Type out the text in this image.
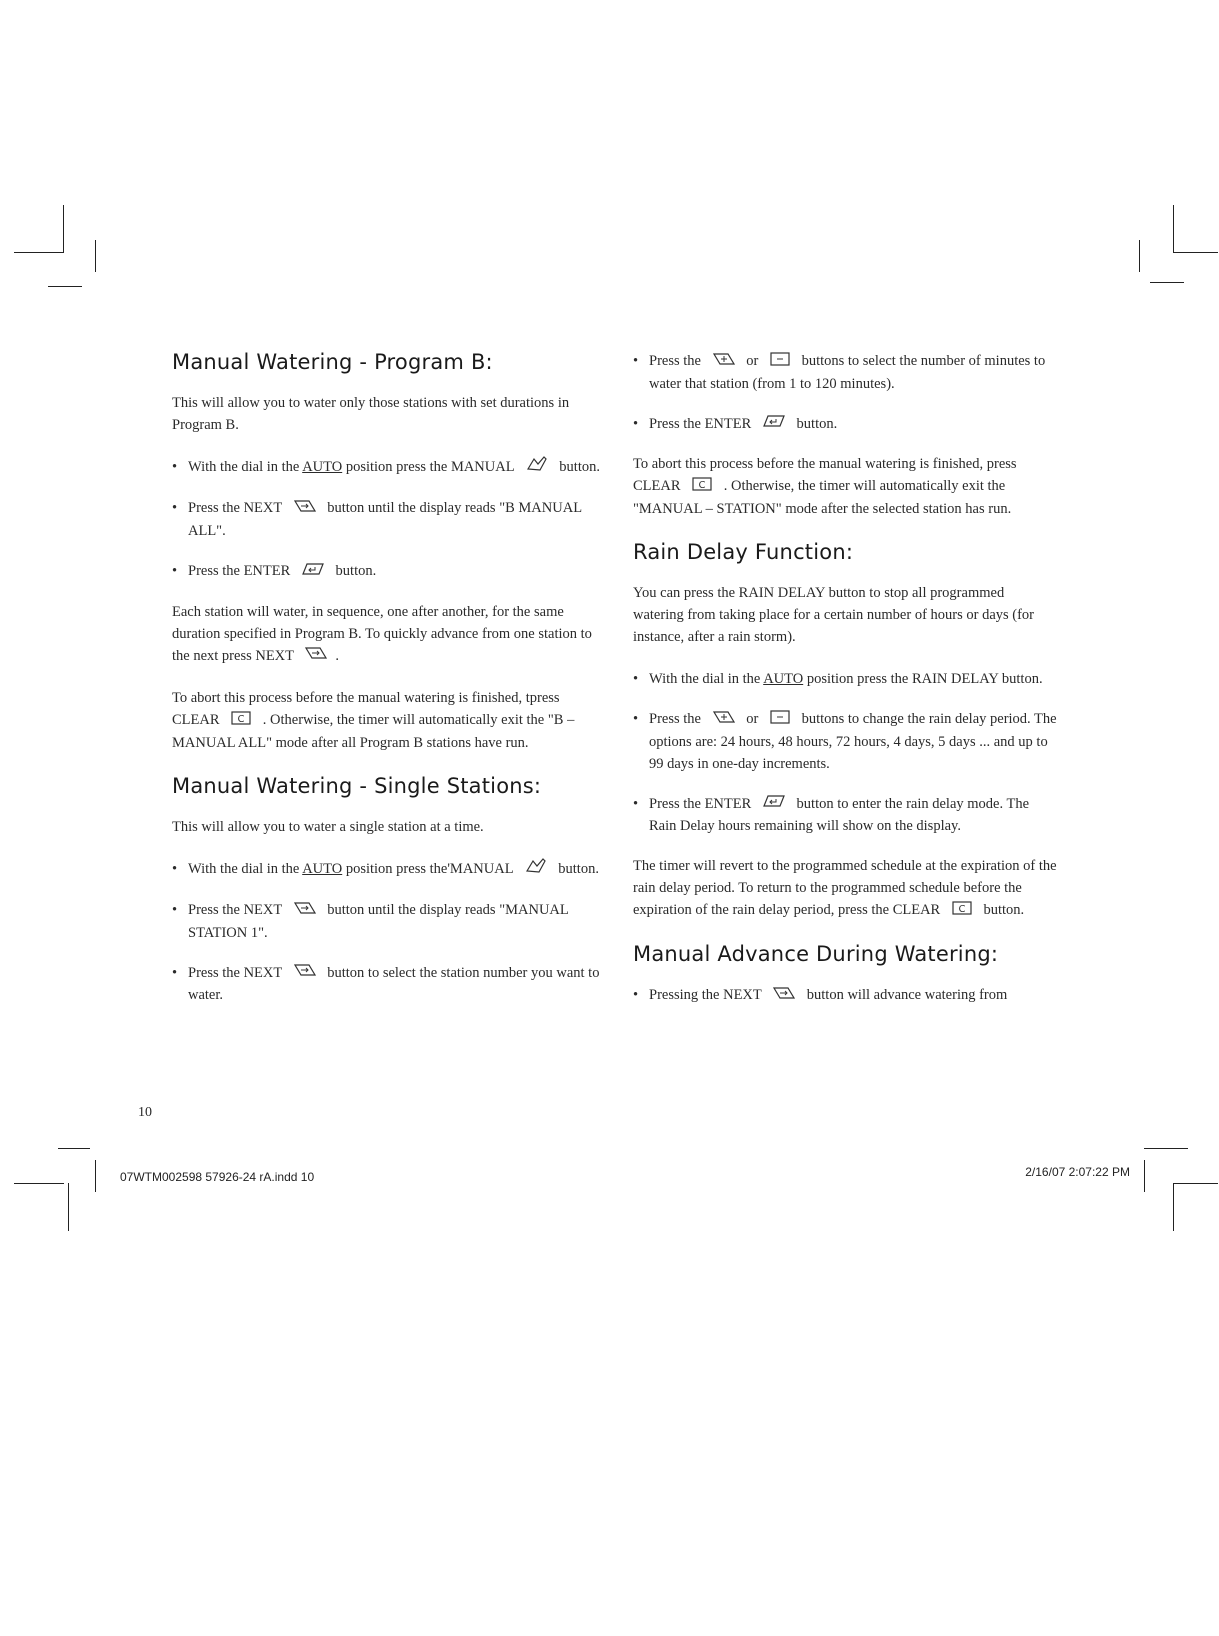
Manual Watering - Program B:

This will allow you to water only those stations with set durations in Program B.

• With the dial in the AUTO position press the MANUAL	button.
• Press the NEXT	button until the display reads "B MANUAL ALL".
• Press the ENTER	button.

Each station will water, in sequence, one after another, for the same duration specified in Program B. To quickly advance from one station to the next press NEXT	.

To abort this process before the manual watering is finished, tpress CLEAR C . Otherwise, the timer will automatically exit the "B – MANUAL ALL" mode after all Program B stations have run.

Manual Watering - Single Stations:

This will allow you to water a single station at a time.

• With the dial in the AUTO position press the'MANUAL	button.
• Press the NEXT	button until the display reads "MANUAL STATION 1".
• Press the NEXT	button to select the station number you want to water.
• Press the	or	buttons to select the number of minutes to water that station (from 1 to 120 minutes).
• Press the ENTER	button.

To abort this process before the manual watering is finished, press CLEAR C . Otherwise, the timer will automatically exit the "MANUAL – STATION" mode after the selected station has run.

Rain Delay Function:

You can press the RAIN DELAY button to stop all programmed watering from taking place for a certain number of hours or days (for instance, after a rain storm).

• With the dial in the AUTO position press the RAIN DELAY button.
• Press the	or	buttons to change the rain delay period. The options are: 24 hours, 48 hours, 72 hours, 4 days, 5 days ... and up to 99 days in one-day increments.
• Press the ENTER	button to enter the rain delay mode. The Rain Delay hours remaining will show on the display.

The timer will revert to the programmed schedule at the expiration of the rain delay period. To return to the programmed schedule before the expiration of the rain delay period, press the CLEAR C button.

Manual Advance During Watering:
• Pressing the NEXT	button will advance watering from
10
07WTM002598 57926-24 rA.indd 10	2/16/07 2:07:22 PM
